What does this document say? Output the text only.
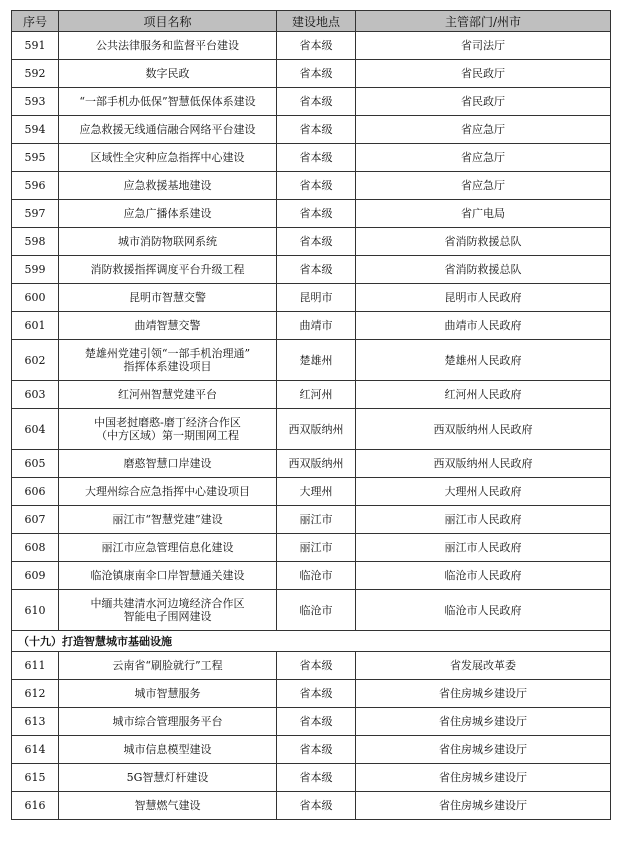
序号	项目名称	建设地点	主管部门/州市
591	公共法律服务和监督平台建设	省本级	省司法厅
592	数字民政	省本级	省民政厅
593	“一部手机办低保”智慧低保体系建设	省本级	省民政厅
594	应急救援无线通信融合网络平台建设	省本级	省应急厅
595	区域性全灾种应急指挥中心建设	省本级	省应急厅
596	应急救援基地建设	省本级	省应急厅
597	应急广播体系建设	省本级	省广电局
598	城市消防物联网系统	省本级	省消防救援总队
599	消防救援指挥调度平台升级工程	省本级	省消防救援总队
600	昆明市智慧交警	昆明市	昆明市人民政府
601	曲靖智慧交警	曲靖市	曲靖市人民政府
602	楚雄州党建引领“一部手机治理通”
指挥体系建设项目	楚雄州	楚雄州人民政府
603	红河州智慧党建平台	红河州	红河州人民政府
604	中国老挝磨憨-磨丁经济合作区
（中方区域）第一期围网工程	西双版纳州	西双版纳州人民政府
605	磨憨智慧口岸建设	西双版纳州	西双版纳州人民政府
606	大理州综合应急指挥中心建设项目	大理州	大理州人民政府
607	丽江市“智慧党建”建设	丽江市	丽江市人民政府
608	丽江市应急管理信息化建设	丽江市	丽江市人民政府
609	临沧镇康南伞口岸智慧通关建设	临沧市	临沧市人民政府
610	中缅共建清水河边境经济合作区
智能电子围网建设	临沧市	临沧市人民政府
（十九）打造智慧城市基础设施			
611	云南省“刷脸就行”工程	省本级	省发展改革委
612	城市智慧服务	省本级	省住房城乡建设厅
613	城市综合管理服务平台	省本级	省住房城乡建设厅
614	城市信息模型建设	省本级	省住房城乡建设厅
615	5G智慧灯杆建设	省本级	省住房城乡建设厅
616	智慧燃气建设	省本级	省住房城乡建设厅
